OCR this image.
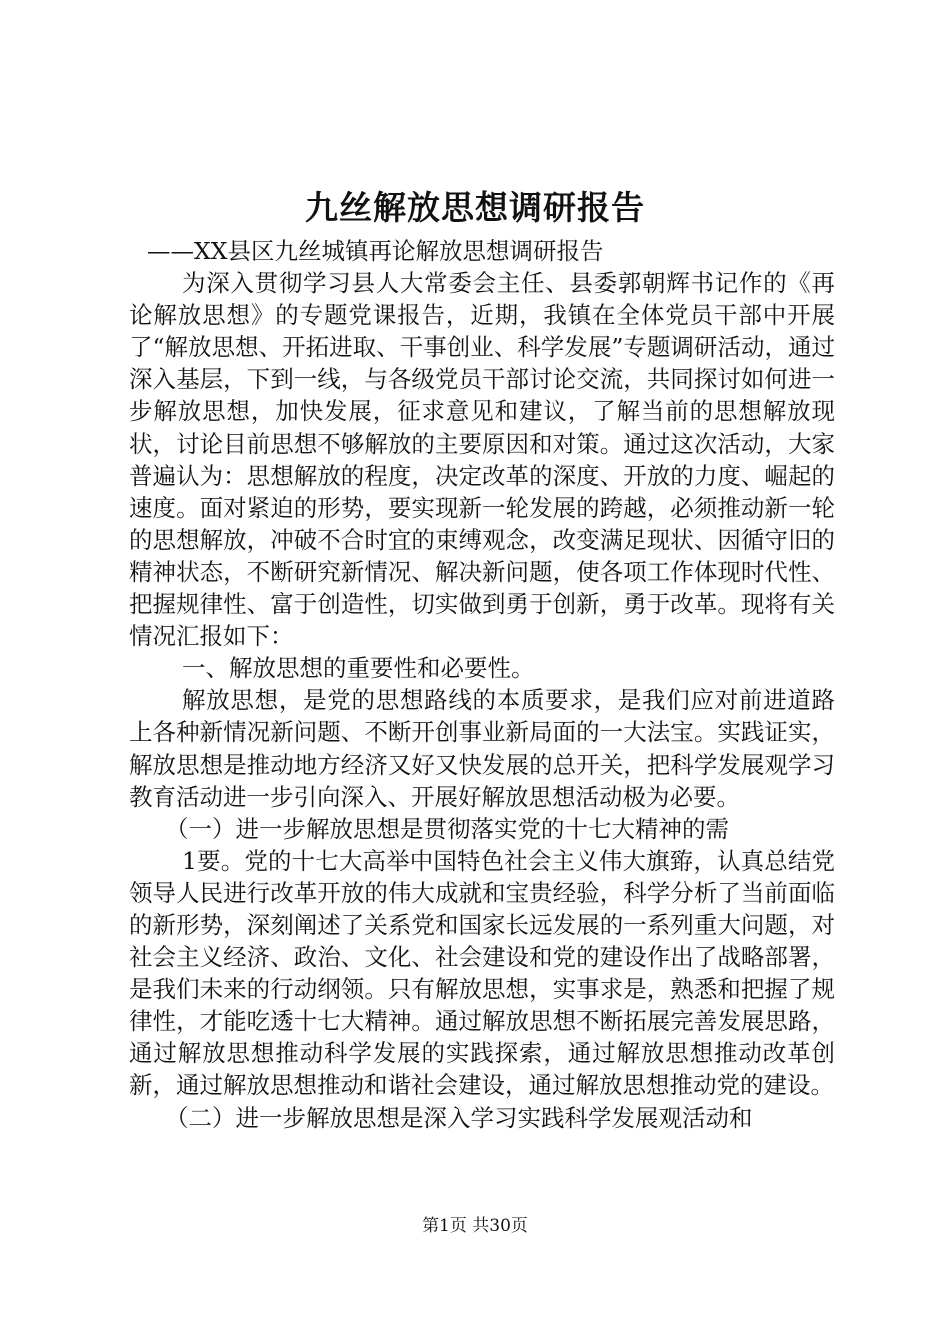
九丝解放思想调研报告

——XX县区九丝城镇再论解放思想调研报告

为深入贯彻学习县人大常委会主任、县委郭朝辉书记作的《再论解放思想》的专题党课报告，近期，我镇在全体党员干部中开展了“解放思想、开拓进取、干事创业、科学发展”专题调研活动，通过深入基层，下到一线，与各级党员干部讨论交流，共同探讨如何进一步解放思想，加快发展，征求意见和建议，了解当前的思想解放现状，讨论目前思想不够解放的主要原因和对策。通过这次活动，大家普遍认为：思想解放的程度，决定改革的深度、开放的力度、崛起的速度。面对紧迫的形势，要实现新一轮发展的跨越，必须推动新一轮的思想解放，冲破不合时宜的束缚观念，改变满足现状、因循守旧的精神状态，不断研究新情况、解决新问题，使各项工作体现时代性、把握规律性、富于创造性，切实做到勇于创新，勇于改革。现将有关情况汇报如下：

一、解放思想的重要性和必要性。

解放思想，是党的思想路线的本质要求，是我们应对前进道路上各种新情况新问题、不断开创事业新局面的一大法宝。实践证实，解放思想是推动地方经济又好又快发展的总开关，把科学发展观学习教育活动进一步引向深入、开展好解放思想活动极为必要。

（一）进一步解放思想是贯彻落实党的十七大精神的需

1要。党的十七大高举中国特色社会主义伟大旗臶，认真总结党领导人民进行改革开放的伟大成就和宝贵经验，科学分析了当前面临的新形势，深刻阐述了关系党和国家长远发展的一系列重大问题，对社会主义经济、政治、文化、社会建设和党的建设作出了战略部署，是我们未来的行动纲领。只有解放思想，实事求是，熟悉和把握了规律性，才能吃透十七大精神。通过解放思想不断拓展完善发展思路，通过解放思想推动科学发展的实践探索，通过解放思想推动改革创新，通过解放思想推动和谐社会建设，通过解放思想推动党的建设。

（二）进一步解放思想是深入学习实践科学发展观活动和

第1页 共30页
